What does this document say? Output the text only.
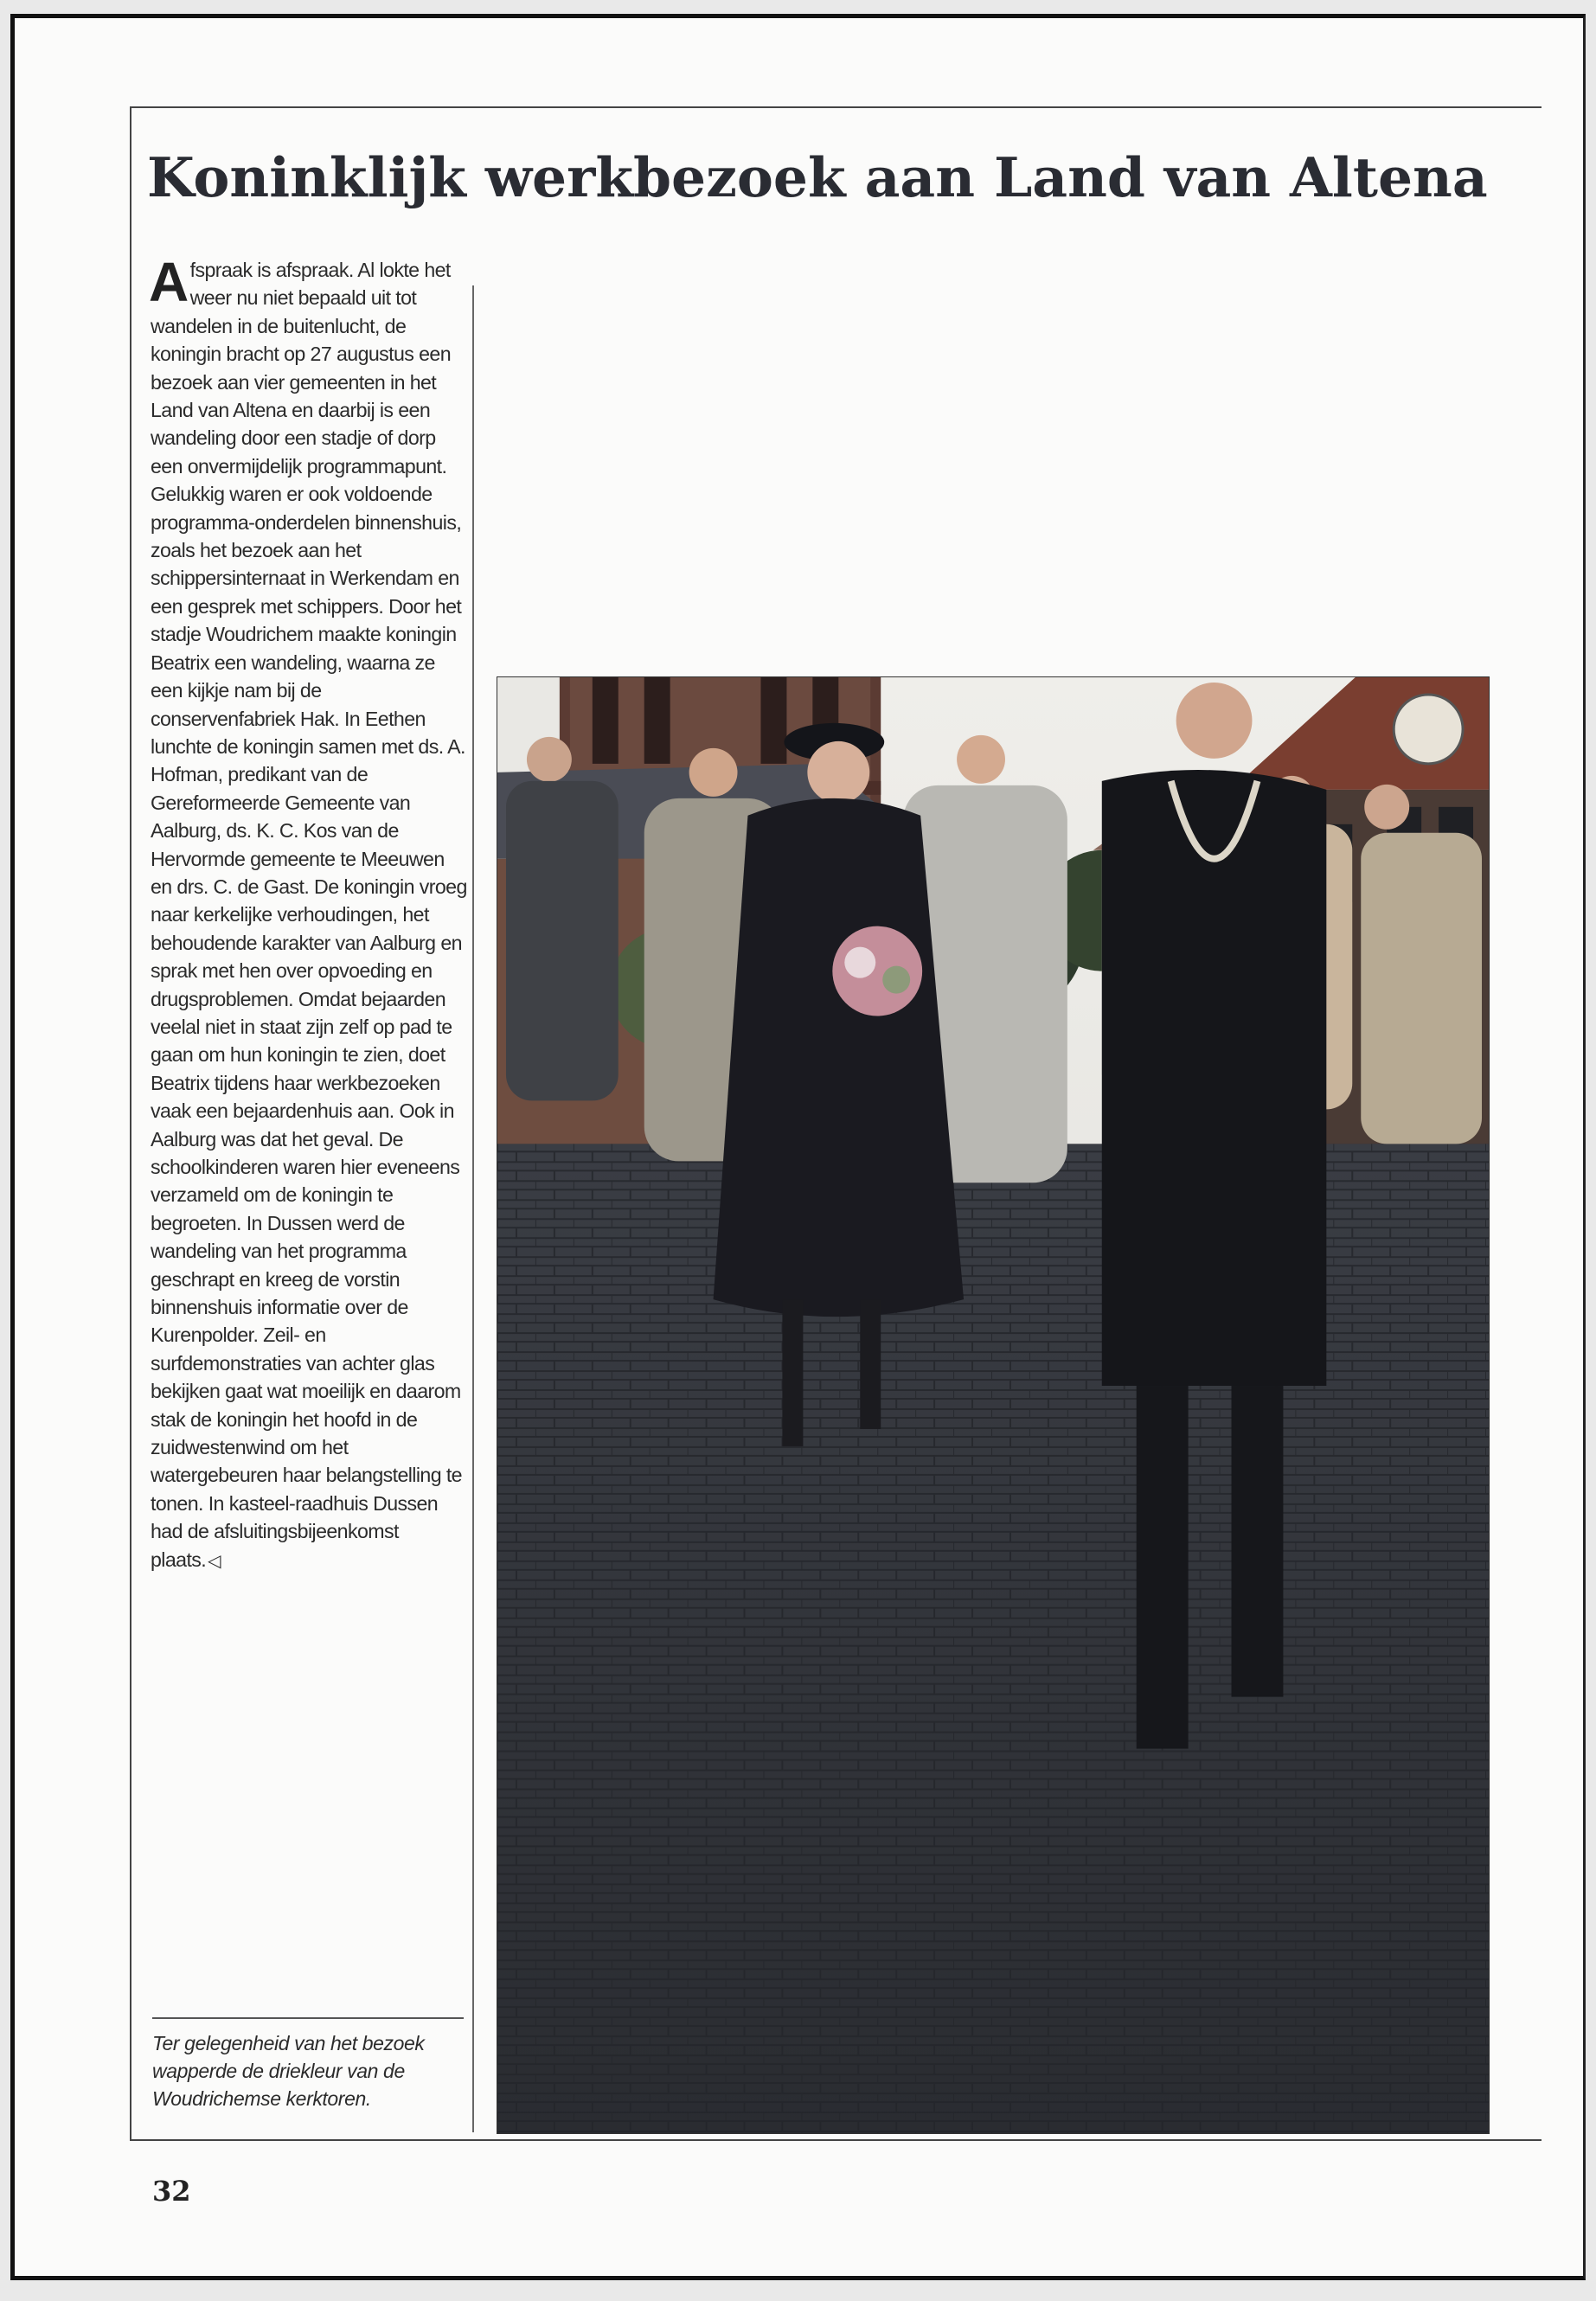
Koninklijk werkbezoek aan Land van Altena

Afspraak is afspraak. Al lokte het weer nu niet bepaald uit tot wandelen in de buitenlucht, de koningin bracht op 27 augustus een bezoek aan vier gemeenten in het Land van Altena en daarbij is een wandeling door een stadje of dorp een onvermijdelijk programmapunt. Gelukkig waren er ook voldoende programma-onderdelen binnenshuis, zoals het bezoek aan het schippersinternaat in Werkendam en een gesprek met schippers. Door het stadje Woudrichem maakte koningin Beatrix een wandeling, waarna ze een kijkje nam bij de conservenfabriek Hak. In Eethen lunchte de koningin samen met ds. A. Hofman, predikant van de Gereformeerde Gemeente van Aalburg, ds. K. C. Kos van de Hervormde gemeente te Meeuwen en drs. C. de Gast. De koningin vroeg naar kerkelijke verhoudingen, het behoudende karakter van Aalburg en sprak met hen over opvoeding en drugsproblemen. Omdat bejaarden veelal niet in staat zijn zelf op pad te gaan om hun koningin te zien, doet Beatrix tijdens haar werkbezoeken vaak een bejaardenhuis aan. Ook in Aalburg was dat het geval. De schoolkinderen waren hier eveneens verzameld om de koningin te begroeten. In Dussen werd de wandeling van het programma geschrapt en kreeg de vorstin binnenshuis informatie over de Kurenpolder. Zeil- en surfdemonstraties van achter glas bekijken gaat wat moeilijk en daarom stak de koningin het hoofd in de zuidwestenwind om het watergebeuren haar belangstelling te tonen. In kasteel-raadhuis Dussen had de afsluitingsbijeenkomst plaats. ◁

Ter gelegenheid van het bezoek wapperde de driekleur van de Woudrichemse kerktoren.

32
